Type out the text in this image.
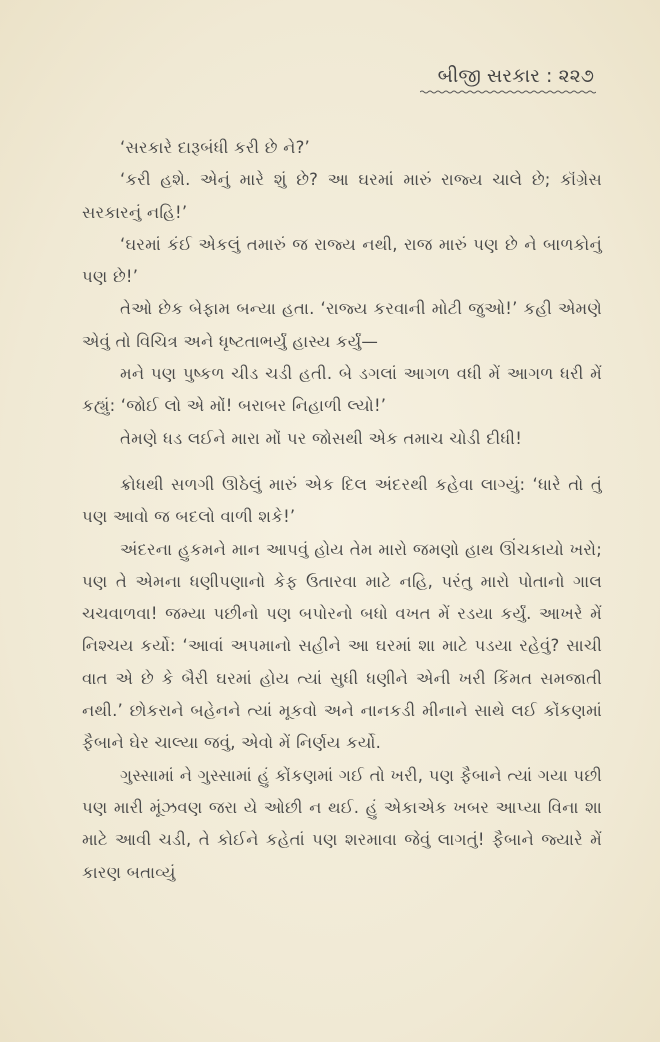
બીજી સરકાર : ૨૨૭

‘સરકારે દારૂબંધી કરી છે ને?’

‘કરી હશે. એનું મારે શું છે? આ ઘરમાં મારું રાજ્ય ચાલે છે; કૉંગ્રેસ સરકારનું નહિ!’

‘ઘરમાં કંઈ એકલું તમારું જ રાજ્ય નથી, રાજ મારું પણ છે ને બાળકોનું પણ છે!’

તેઓ છેક બેફામ બન્યા હતા. ‘રાજ્ય કરવાની મોટી જુઓ!’ કહી એમણે એવું તો વિચિત્ર અને ધૃષ્ટતાભર્યું હાસ્ય કર્યું—

મને પણ પુષ્કળ ચીડ ચડી હતી. બે ડગલાં આગળ વધી મેં આગળ ધરી મેં કહ્યું: ‘જોઈ લો એ મોં! બરાબર નિહાળી લ્યો!’

તેમણે ધડ લઈને મારા મોં પર જોસથી એક તમાચ ચોડી દીધી!

ક્રોધથી સળગી ઊઠેલું મારું એક દિલ અંદરથી કહેવા લાગ્યું: ‘ધારે તો તું પણ આવો જ બદલો વાળી શકે!’

અંદરના હુકમને માન આપવું હોય તેમ મારો જમણો હાથ ઊંચકાયો ખરો; પણ તે એમના ધણીપણાનો કેફ ઉતારવા માટે નહિ, પરંતુ મારો પોતાનો ગાલ ચચવાળવા! જમ્યા પછીનો પણ બપોરનો બધો વખત મેં રડયા કર્યું. આખરે મેં નિશ્ચય કર્યો: ‘આવાં અપમાનો સહીને આ ઘરમાં શા માટે પડયા રહેવું? સાચી વાત એ છે કે બૈરી ઘરમાં હોય ત્યાં સુધી ધણીને એની ખરી કિંમત સમજાતી નથી.’ છોકરાને બહેનને ત્યાં મૂકવો અને નાનકડી મીનાને સાથે લઈ કોંકણમાં ફૈબાને ઘેર ચાલ્યા જવું, એવો મેં નિર્ણય કર્યો.

ગુસ્સામાં ને ગુસ્સામાં હું કોંકણમાં ગઈ તો ખરી, પણ ફૈબાને ત્યાં ગયા પછી પણ મારી મૂંઝવણ જરા યે ઓછી ન થઈ. હું એકાએક ખબર આપ્યા વિના શા માટે આવી ચડી, તે કોઈને કહેતાં પણ શરમાવા જેવું લાગતું! ફૈબાને જ્યારે મેં કારણ બતાવ્યું
